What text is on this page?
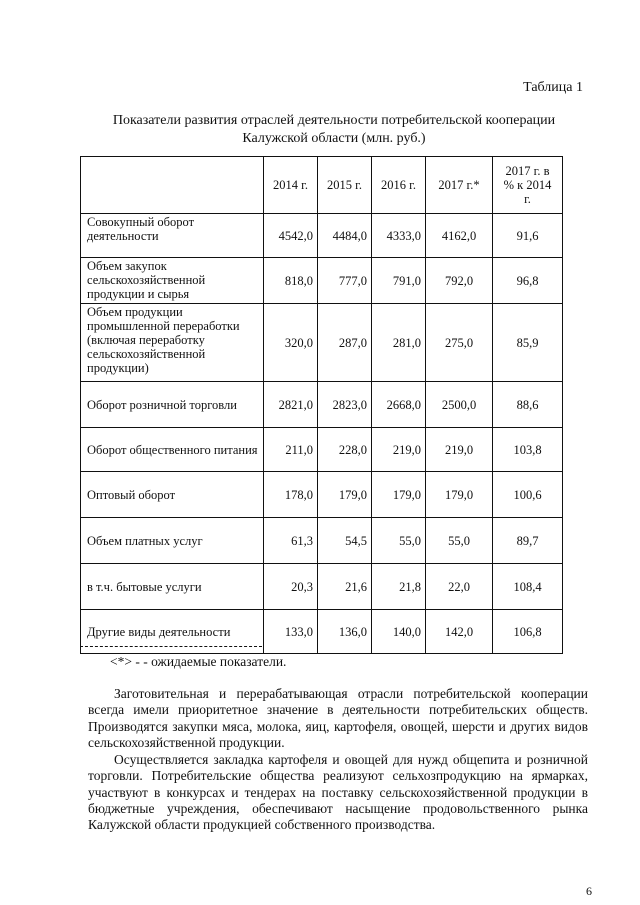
Таблица 1
Показатели развития отраслей деятельности потребительской кооперации
Калужской области (млн. руб.)
	2014 г.	2015 г.	2016 г.	2017 г.*	2017 г. в % к 2014 г.
Совокупный оборот деятельности	4542,0	4484,0	4333,0	4162,0	91,6
Объем закупок сельскохозяйственной продукции и сырья	818,0	777,0	791,0	792,0	96,8
Объем продукции промышленной переработки (включая переработку сельскохозяйственной продукции)	320,0	287,0	281,0	275,0	85,9
Оборот розничной торговли	2821,0	2823,0	2668,0	2500,0	88,6
Оборот общественного питания	211,0	228,0	219,0	219,0	103,8
Оптовый оборот	178,0	179,0	179,0	179,0	100,6
Объем платных услуг	61,3	54,5	55,0	55,0	89,7
в т.ч. бытовые услуги	20,3	21,6	21,8	22,0	108,4
Другие виды деятельности	133,0	136,0	140,0	142,0	106,8
<*> - - ожидаемые показатели.

Заготовительная и перерабатывающая отрасли потребительской кооперации всегда имели приоритетное значение в деятельности потребительских обществ. Производятся закупки мяса, молока, яиц, картофеля, овощей, шерсти и других видов сельскохозяйственной продукции.

Осуществляется закладка картофеля и овощей для нужд общепита и розничной торговли. Потребительские общества реализуют сельхозпродукцию на ярмарках, участвуют в конкурсах и тендерах на поставку сельскохозяйственной продукции в бюджетные учреждения, обеспечивают насыщение продовольственного рынка Калужской области продукцией собственного производства.

6
